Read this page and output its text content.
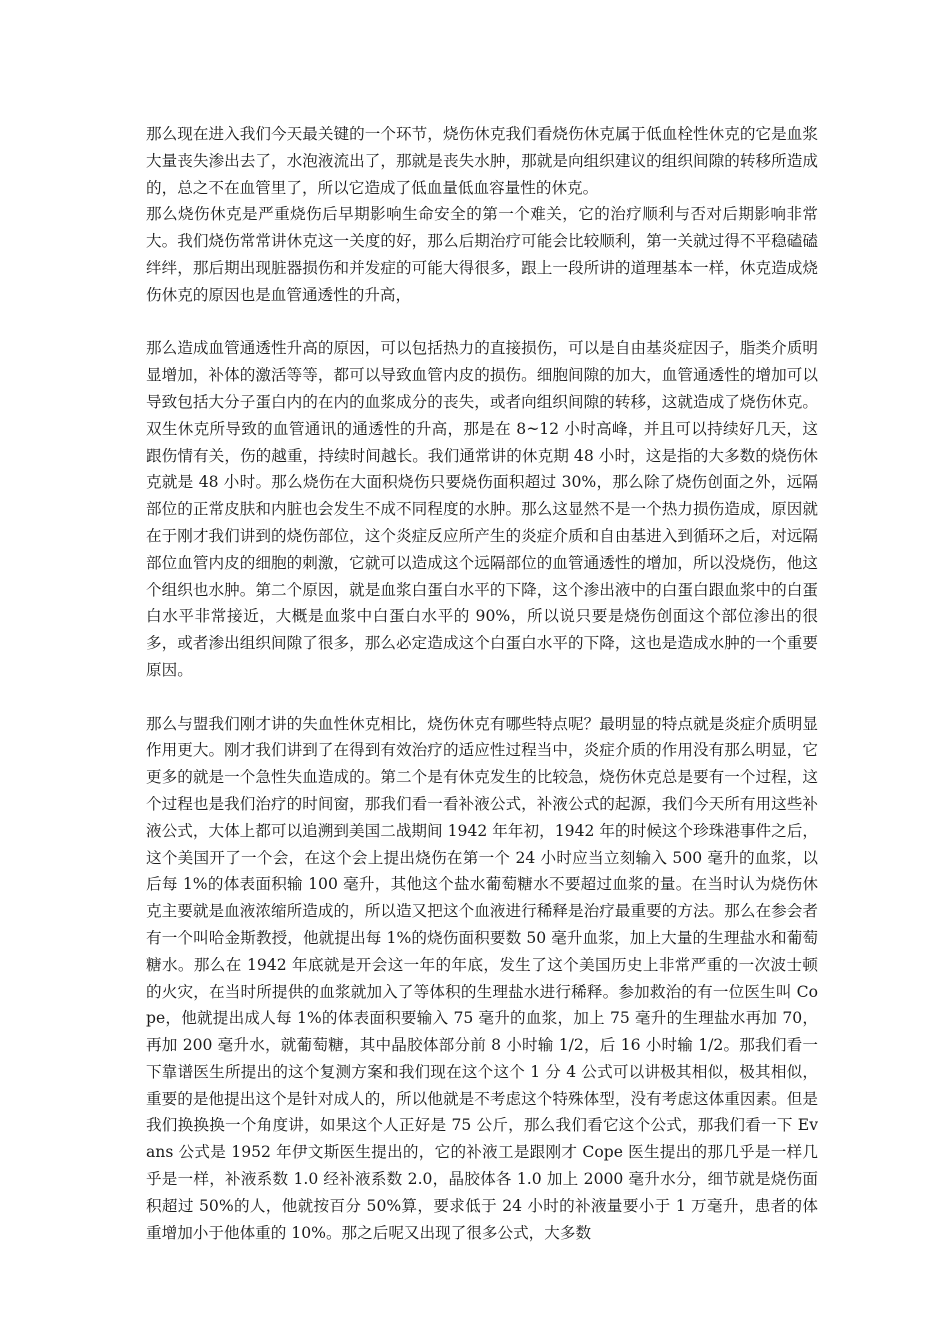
那么现在进入我们今天最关键的一个环节，烧伤休克我们看烧伤休克属于低血栓性休克的它是血浆大量丧失渗出去了，水泡液流出了，那就是丧失水肿，那就是向组织建议的组织间隙的转移所造成的，总之不在血管里了，所以它造成了低血量低血容量性的休克。

那么烧伤休克是严重烧伤后早期影响生命安全的第一个难关，它的治疗顺利与否对后期影响非常大。我们烧伤常常讲休克这一关度的好，那么后期治疗可能会比较顺利，第一关就过得不平稳磕磕绊绊，那后期出现脏器损伤和并发症的可能大得很多，跟上一段所讲的道理基本一样，休克造成烧伤休克的原因也是血管通透性的升高，

那么造成血管通透性升高的原因，可以包括热力的直接损伤，可以是自由基炎症因子，脂类介质明显增加，补体的激活等等，都可以导致血管内皮的损伤。细胞间隙的加大，血管通透性的增加可以导致包括大分子蛋白内的在内的血浆成分的丧失，或者向组织间隙的转移，这就造成了烧伤休克。双生休克所导致的血管通讯的通透性的升高，那是在 8~12 小时高峰，并且可以持续好几天，这跟伤情有关，伤的越重，持续时间越长。我们通常讲的休克期 48 小时，这是指的大多数的烧伤休克就是 48 小时。那么烧伤在大面积烧伤只要烧伤面积超过 30%，那么除了烧伤创面之外，远隔部位的正常皮肤和内脏也会发生不成不同程度的水肿。那么这显然不是一个热力损伤造成，原因就在于刚才我们讲到的烧伤部位，这个炎症反应所产生的炎症介质和自由基进入到循环之后，对远隔部位血管内皮的细胞的刺激，它就可以造成这个远隔部位的血管通透性的增加，所以没烧伤，他这个组织也水肿。第二个原因，就是血浆白蛋白水平的下降，这个渗出液中的白蛋白跟血浆中的白蛋白水平非常接近，大概是血浆中白蛋白水平的 90%，所以说只要是烧伤创面这个部位渗出的很多，或者渗出组织间隙了很多，那么必定造成这个白蛋白水平的下降，这也是造成水肿的一个重要原因。

那么与盟我们刚才讲的失血性休克相比，烧伤休克有哪些特点呢？最明显的特点就是炎症介质明显作用更大。刚才我们讲到了在得到有效治疗的适应性过程当中，炎症介质的作用没有那么明显，它更多的就是一个急性失血造成的。第二个是有休克发生的比较急，烧伤休克总是要有一个过程，这个过程也是我们治疗的时间窗，那我们看一看补液公式，补液公式的起源，我们今天所有用这些补液公式，大体上都可以追溯到美国二战期间 1942 年年初，1942 年的时候这个珍珠港事件之后，这个美国开了一个会，在这个会上提出烧伤在第一个 24 小时应当立刻输入 500 毫升的血浆，以后每 1%的体表面积输 100 毫升，其他这个盐水葡萄糖水不要超过血浆的量。在当时认为烧伤休克主要就是血液浓缩所造成的，所以造又把这个血液进行稀释是治疗最重要的方法。那么在参会者有一个叫哈金斯教授，他就提出每 1%的烧伤面积要数 50 毫升血浆，加上大量的生理盐水和葡萄糖水。那么在 1942 年底就是开会这一年的年底，发生了这个美国历史上非常严重的一次波士顿的火灾，在当时所提供的血浆就加入了等体积的生理盐水进行稀释。参加救治的有一位医生叫 Cope，他就提出成人每 1%的体表面积要输入 75 毫升的血浆，加上 75 毫升的生理盐水再加 70，再加 200 毫升水，就葡萄糖，其中晶胶体部分前 8 小时输 1/2，后 16 小时输 1/2。那我们看一下靠谱医生所提出的这个复测方案和我们现在这个这个 1 分 4 公式可以讲极其相似，极其相似，重要的是他提出这个是针对成人的，所以他就是不考虑这个特殊体型，没有考虑这体重因素。但是我们换换换一个角度讲，如果这个人正好是 75 公斤，那么我们看它这个公式，那我们看一下 Evans 公式是 1952 年伊文斯医生提出的，它的补液工是跟刚才 Cope 医生提出的那几乎是一样几乎是一样，补液系数 1.0 经补液系数 2.0，晶胶体各 1.0 加上 2000 毫升水分，细节就是烧伤面积超过 50%的人，他就按百分 50%算，要求低于 24 小时的补液量要小于 1 万毫升，患者的体重增加小于他体重的 10%。那之后呢又出现了很多公式，大多数
